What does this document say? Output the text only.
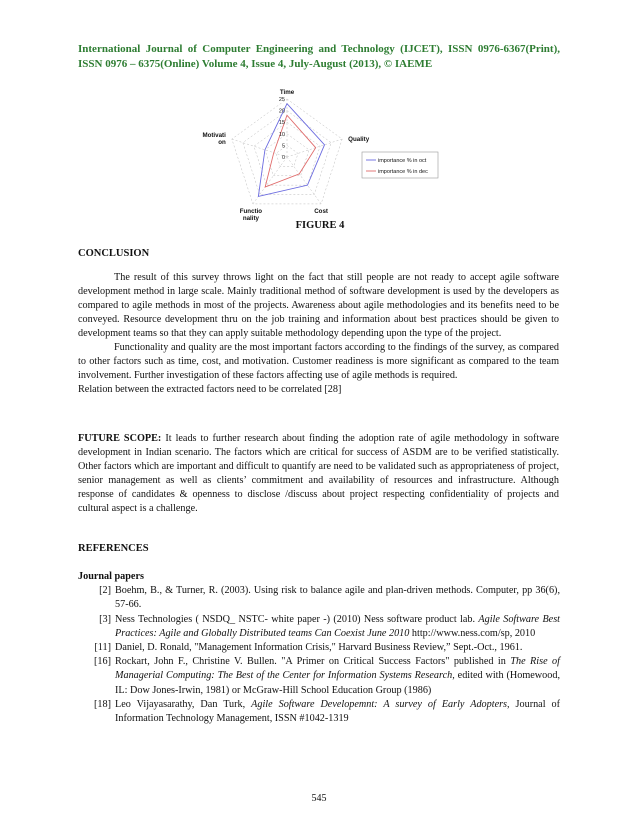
International Journal of Computer Engineering and Technology (IJCET), ISSN 0976-6367(Print), ISSN 0976 – 6375(Online) Volume 4, Issue 4, July-August (2013), © IAEME
0
5
10
15
20
25
Time
Quality
Cost
Functio nality
Motivati on
importance % in oct
importance % in dec
FIGURE 4
CONCLUSION

The result of this survey throws light on the fact that still people are not ready to accept agile software development method in large scale. Mainly traditional method of software development is used by the developers as compared to agile methods in most of the projects. Awareness about agile methodologies and its benefits need to be conveyed. Resource development thru on the job training and information about best practices should be given to development teams so that they can apply suitable methodology depending upon the type of the project.

Functionality and quality are the most important factors according to the findings of the survey, as compared to other factors such as time, cost, and motivation. Customer readiness is more significant as compared to the team involvement. Further investigation of these factors affecting use of agile methods is required.

Relation between the extracted factors need to be correlated [28]

FUTURE SCOPE: It leads to further research about finding the adoption rate of agile methodology in software development in Indian scenario. The factors which are critical for success of ASDM are to be verified statistically. Other factors which are important and difficult to quantify are need to be validated such as appropriateness of project, senior management as well as clients’ commitment and availability of resources and infrastructure. Although response of candidates & openness to disclose /discuss about project respecting confidentiality of projects and cultural aspect is a challenge.
REFERENCES
Journal papers
[2] Boehm, B., & Turner, R. (2003). Using risk to balance agile and plan-driven methods. Computer, pp 36(6), 57-66.
[3] Ness Technologies ( NSDQ_ NSTC- white paper -) (2010) Ness software product lab. Agile Software Best Practices: Agile and Globally Distributed teams Can Coexist June 2010 http://www.ness.com/sp, 2010
[11] Daniel, D. Ronald, "Management Information Crisis," Harvard Business Review,” Sept.-Oct., 1961.
[16] Rockart, John F., Christine V. Bullen. "A Primer on Critical Success Factors" published in The Rise of Managerial Computing: The Best of the Center for Information Systems Research, edited with (Homewood, IL: Dow Jones-Irwin, 1981) or McGraw-Hill School Education Group (1986)
[18] Leo Vijayasarathy, Dan Turk, Agile Software Developemnt: A survey of Early Adopters, Journal of Information Technology Management, ISSN #1042-1319
545
